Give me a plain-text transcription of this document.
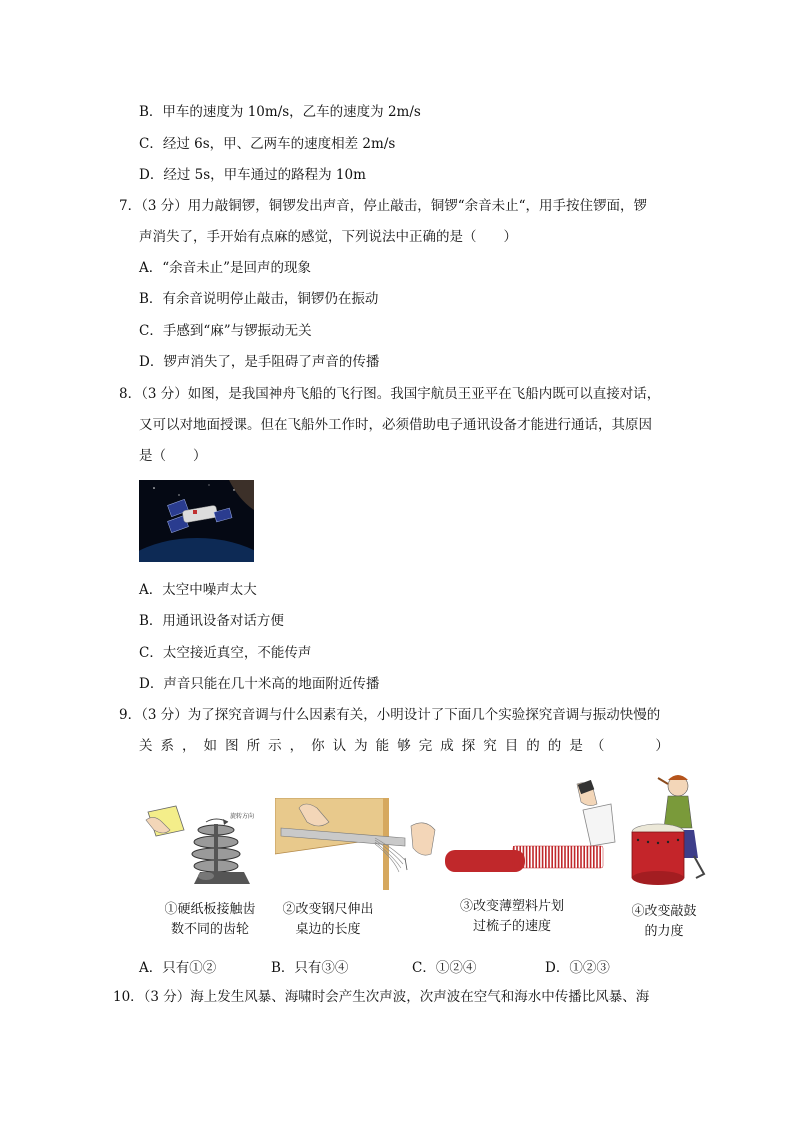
B．甲车的速度为 10m/s，乙车的速度为 2m/s
C．经过 6s，甲、乙两车的速度相差 2m/s
D．经过 5s，甲车通过的路程为 10m
7．（3 分）用力敲铜锣，铜锣发出声音，停止敲击，铜锣“余音未止“，用手按住锣面，锣
声消失了，手开始有点麻的感觉，下列说法中正确的是（　　）
A．“余音未止”是回声的现象
B．有余音说明停止敲击，铜锣仍在振动
C．手感到“麻”与锣振动无关
D．锣声消失了，是手阻碍了声音的传播
8．（3 分）如图，是我国神舟飞船的飞行图。我国宇航员王亚平在飞船内既可以直接对话，
又可以对地面授课。但在飞船外工作时，必须借助电子通讯设备才能进行通话，其原因
是（　　）
A．太空中噪声太大
B．用通讯设备对话方便
C．太空接近真空，不能传声
D．声音只能在几十米高的地面附近传播
9．（3 分）为了探究音调与什么因素有关，小明设计了下面几个实验探究音调与振动快慢的
关 系 ， 如 图 所 示 ， 你 认 为 能 够 完 成 探 究 目 的 的 是 （

　	）
旋转方向
①硬纸板接触齿
数不同的齿轮
②改变钢尺伸出
桌边的长度
③改变薄塑料片划
过梳子的速度
④改变敲鼓
的力度
A．只有①②	B．只有③④	C．①②④	D．①②③
10．（3 分）海上发生风暴、海啸时会产生次声波，次声波在空气和海水中传播比风暴、海
